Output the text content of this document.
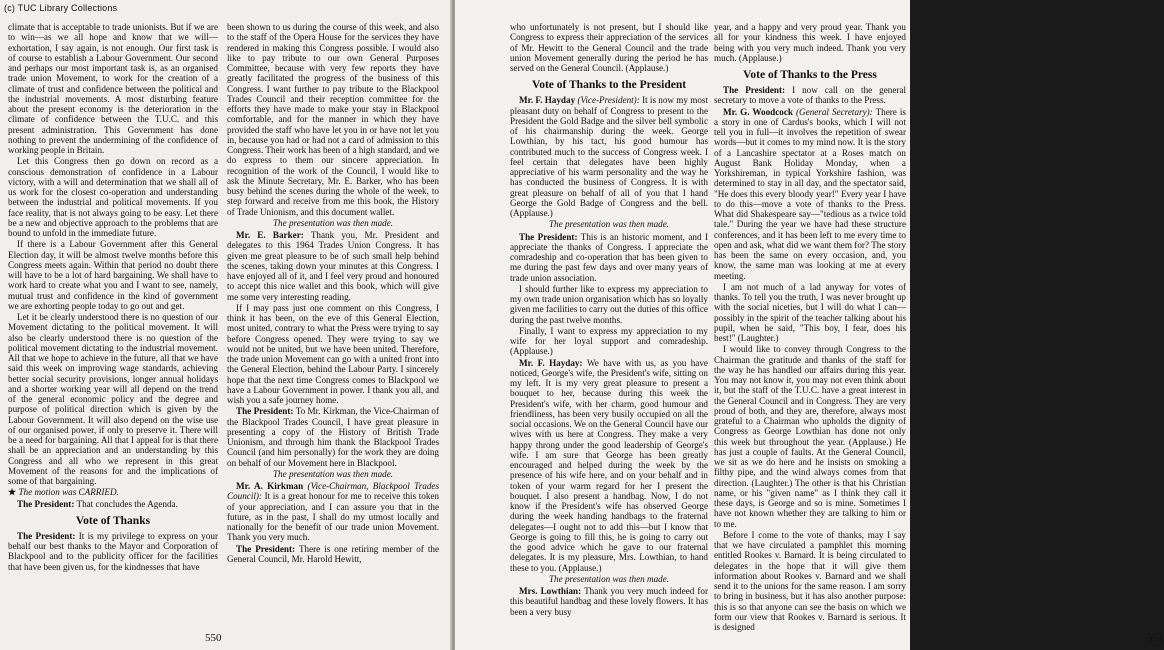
climate that is acceptable to trade unionists. But if we are to win—as we all hope and know that we will—exhortation, I say again, is not enough. Our first task is of course to establish a Labour Government. Our second and perhaps our most important task is, as an organised trade union Movement, to work for the creation of a climate of trust and confidence between the political and the industrial movements. A most disturbing feature about the present economy is the deterioration in the climate of confidence between the T.U.C. and this present administration. This Government has done nothing to prevent the undermining of the confidence of working people in Britain.

Let this Congress then go down on record as a conscious demonstration of confidence in a Labour victory, with a will and determination that we shall all of us work for the closest co-operation and understanding between the industrial and political movements. If you face reality, that is not always going to be easy. Let there be a new and objective approach to the problems that are bound to unfold in the immediate future.

If there is a Labour Government after this General Election day, it will be almost twelve months before this Congress meets again. Within that period no doubt there will have to be a lot of hard bargaining. We shall have to work hard to create what you and I want to see, namely, mutual trust and confidence in the kind of government we are exhorting people today to go out and get.

Let it be clearly understood there is no question of our Movement dictating to the political movement. It will also be clearly understood there is no question of the political movement dictating to the industrial movement. All that we hope to achieve in the future, all that we have said this week on improving wage standards, achieving better social security provisions, longer annual holidays and a shorter working year will all depend on the trend of the general economic policy and the degree and purpose of political direction which is given by the Labour Government. It will also depend on the wise use of our organised power, if only to preserve it. There will be a need for bargaining. All that I appeal for is that there shall be an appreciation and an understanding by this Congress and all who we represent in this great Movement of the reasons for and the implications of some of that bargaining.

★ The motion was CARRIED.

The President: That concludes the Agenda.

Vote of Thanks

The President: It is my privilege to express on your behalf our best thanks to the Mayor and Corporation of Blackpool and to the publicity officer for the facilities that have been given us, for the kindnesses that have

been shown to us during the course of this week, and also to the staff of the Opera House for the services they have rendered in making this Congress possible. I would also like to pay tribute to our own General Purposes Committee, because with very few reports they have greatly facilitated the progress of the business of this Congress. I want further to pay tribute to the Blackpool Trades Council and their reception committee for the efforts they have made to make your stay in Blackpool comfortable, and for the manner in which they have provided the staff who have let you in or have not let you in, because you had or had not a card of admission to this Congress. Their work has been of a high standard, and we do express to them our sincere appreciation. In recognition of the work of the Council, I would like to ask the Minute Secretary, Mr. E. Barker, who has been busy behind the scenes during the whole of the week, to step forward and receive from me this book, the History of Trade Unionism, and this document wallet.

The presentation was then made.

Mr. E. Barker: Thank you, Mr. President and delegates to this 1964 Trades Union Congress. It has given me great pleasure to be of such small help behind the scenes, taking down your minutes at this Congress. I have enjoyed all of it, and I feel very proud and honoured to accept this nice wallet and this book, which will give me some very interesting reading.

If I may pass just one comment on this Congress, I think it has been, on the eve of this General Election, most united, contrary to what the Press were trying to say before Congress opened. They were trying to say we would not be united, but we have been united. Therefore, the trade union Movement can go with a united front into the General Election, behind the Labour Party. I sincerely hope that the next time Congress comes to Blackpool we have a Labour Government in power. I thank you all, and wish you a safe journey home.

The President: To Mr. Kirkman, the Vice-Chairman of the Blackpool Trades Council, I have great pleasure in presenting a copy of the History of British Trade Unionism, and through him thank the Blackpool Trades Council (and him personally) for the work they are doing on behalf of our Movement here in Blackpool.

The presentation was then made.

Mr. A. Kirkman (Vice-Chairman, Blackpool Trades Council): It is a great honour for me to receive this token of your appreciation, and I can assure you that in the future, as in the past, I shall do my utmost locally and nationally for the benefit of our trade union Movement. Thank you very much.

The President: There is one retiring member of the General Council, Mr. Harold Hewitt,

550	551

who unfortunately is not present, but I should like Congress to express their appreciation of the services of Mr. Hewitt to the General Council and the trade union Movement generally during the period he has served on the General Council. (Applause.)

Vote of Thanks to the President

Mr. F. Hayday (Vice-President): It is now my most pleasant duty on behalf of Congress to present to the President the Gold Badge and the silver bell symbolic of his chairmanship during the week. George Lowthian, by his tact, his good humour has contributed much to the success of Congress week. I feel certain that delegates have been highly appreciative of his warm personality and the way he has conducted the business of Congress. It is with great pleasure on behalf of all of you that I hand George the Gold Badge of Congress and the bell. (Applause.)

The presentation was then made.

The President: This is an historic moment, and I appreciate the thanks of Congress. I appreciate the comradeship and co-operation that has been given to me during the past few days and over many years of trade union association.

I should further like to express my appreciation to my own trade union organisation which has so loyally given me facilities to carry out the duties of this office during the past twelve months.

Finally, I want to express my appreciation to my wife for her loyal support and comradeship. (Applause.)

Mr. F. Hayday: We have with us, as you have noticed, George's wife, the President's wife, sitting on my left. It is my very great pleasure to present a bouquet to her, because during this week the President's wife, with her charm, good humour and friendliness, has been very busily occupied on all the social occasions. We on the General Council have our wives with us here at Congress. They make a very happy throng under the good leadership of George's wife. I am sure that George has been greatly encouraged and helped during the week by the presence of his wife here, and on your behalf and in token of your warm regard for her I present the bouquet. I also present a handbag. Now, I do not know if the President's wife has observed George during the week handing handbags to the fraternal delegates—I ought not to add this—but I know that George is going to fill this, he is going to carry out the good advice which he gave to our fraternal delegates. It is my pleasure, Mrs. Lowthian, to hand these to you. (Applause.)

The presentation was then made.

Mrs. Lowthian: Thank you very much indeed for this beautiful handbag and these lovely flowers. It has been a very busy

year, and a happy and very proud year. Thank you all for your kindness this week. I have enjoyed being with you very much indeed. Thank you very much. (Applause.)

Vote of Thanks to the Press

The President: I now call on the general secretary to move a vote of thanks to the Press.

Mr. G. Woodcock (General Secretary): There is a story in one of Cardus's books, which I will not tell you in full—it involves the repetition of swear words—but it comes to my mind now. It is the story of a Lancashire spectator at a Roses match on August Bank Holiday Monday, when a Yorkshireman, in typical Yorkshire fashion, was determined to stay in all day, and the spectator said, "He does this every bloody year!" Every year I have to do this—move a vote of thanks to the Press. What did Shakespeare say—"tedious as a twice told tale." During the year we have had these structure conferences, and it has been left to me every time to open and ask, what did we want them for? The story has been the same on every occasion, and, you know, the same man was looking at me at every meeting.

I am not much of a lad anyway for votes of thanks. To tell you the truth, I was never brought up with the social niceties, but I will do what I can—possibly in the spirit of the teacher talking about his pupil, when he said, "This boy, I fear, does his best!" (Laughter.)

I would like to convey through Congress to the Chairman the gratitude and thanks of the staff for the way he has handled our affairs during this year. You may not know it, you may not even think about it, but the staff of the T.U.C. have a great interest in the General Council and in Congress. They are very proud of both, and they are, therefore, always most grateful to a Chairman who upholds the dignity of Congress as George Lowthian has done not only this week but throughout the year. (Applause.) He has just a couple of faults. At the General Council, we sit as we do here and he insists on smoking a filthy pipe, and the wind always comes from that direction. (Laughter.) The other is that his Christian name, or his "given name" as I think they call it these days, is George and so is mine. Sometimes I have not known whether they are talking to him or to me.

Before I come to the vote of thanks, may I say that we have circulated a pamphlet this morning entitled Rookes v. Barnard. It is being circulated to delegates in the hope that it will give them information about Rookes v. Barnard and we shall send it to the unions for the same reason. I am sorry to bring in business, but it has also another purpose: this is so that anyone can see the basis on which we form our view that Rookes v. Barnard is serious. It is designed

(c) TUC Library Collections
